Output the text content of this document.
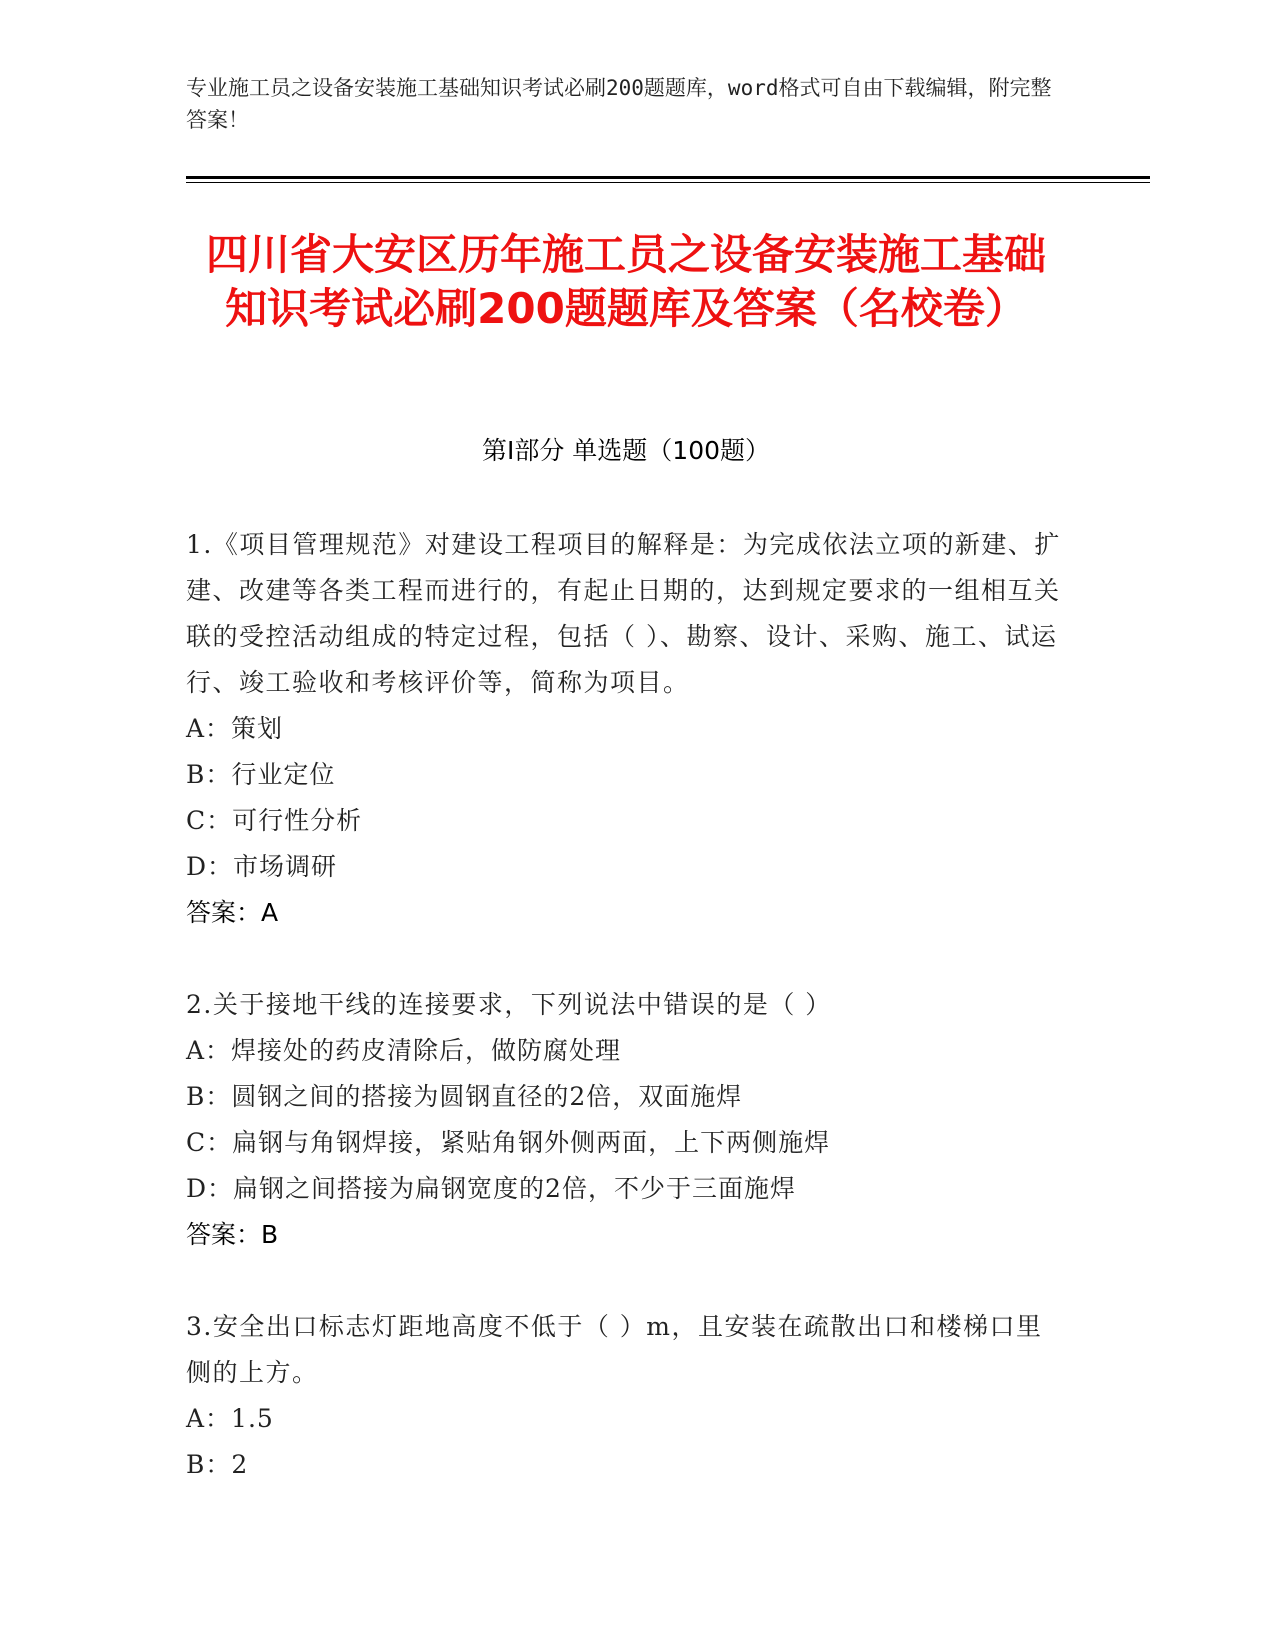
专业施工员之设备安装施工基础知识考试必刷200题题库，word格式可自由下载编辑，附完整答案！
四川省大安区历年施工员之设备安装施工基础知识考试必刷200题题库及答案（名校卷）
第Ⅰ部分 单选题（100题）

1.《项目管理规范》对建设工程项目的解释是：为完成依法立项的新建、扩建、改建等各类工程而进行的，有起止日期的，达到规定要求的一组相互关联的受控活动组成的特定过程，包括（ ）、勘察、设计、采购、施工、试运行、竣工验收和考核评价等，简称为项目。

A：策划

B：行业定位

C：可行性分析

D：市场调研

答案：A

2.关于接地干线的连接要求，下列说法中错误的是（ ）

A：焊接处的药皮清除后，做防腐处理

B：圆钢之间的搭接为圆钢直径的2倍，双面施焊

C：扁钢与角钢焊接，紧贴角钢外侧两面，上下两侧施焊

D：扁钢之间搭接为扁钢宽度的2倍，不少于三面施焊

答案：B

3.安全出口标志灯距地高度不低于（ ）m，且安装在疏散出口和楼梯口里侧的上方。

A：1.5

B：2
